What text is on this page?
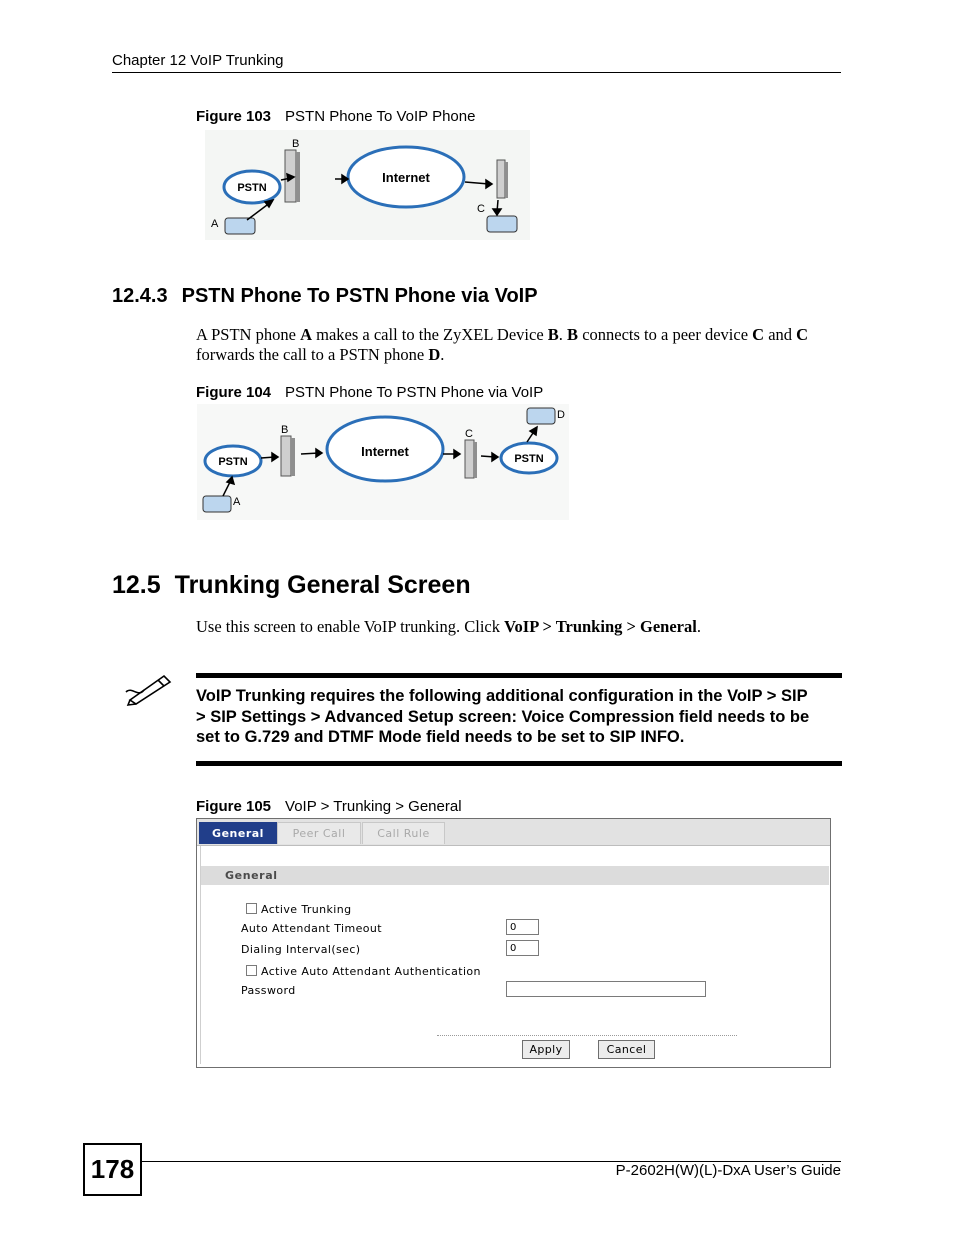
Chapter 12 VoIP Trunking
Figure 103 PSTN Phone To VoIP Phone
PSTN
B
Internet
C
A
12.4.3 PSTN Phone To PSTN Phone via VoIP
A PSTN phone A makes a call to the ZyXEL Device B. B connects to a peer device C and C
forwards the call to a PSTN phone D.
Figure 104 PSTN Phone To PSTN Phone via VoIP
PSTN
B
Internet
C
PSTN
A
D
12.5 Trunking General Screen
Use this screen to enable VoIP trunking. Click VoIP > Trunking > General.
VoIP Trunking requires the following additional configuration in the VoIP > SIP
> SIP Settings > Advanced Setup screen: Voice Compression field needs to be
set to G.729 and DTMF Mode field needs to be set to SIP INFO.
Figure 105 VoIP > Trunking > General
General	Peer Call	Call Rule
General
Active Trunking
Auto Attendant Timeout	0
Dialing Interval(sec)	0
Active Auto Attendant Authentication
Password
Apply	Cancel
178	P-2602H(W)(L)-DxA User’s Guide
